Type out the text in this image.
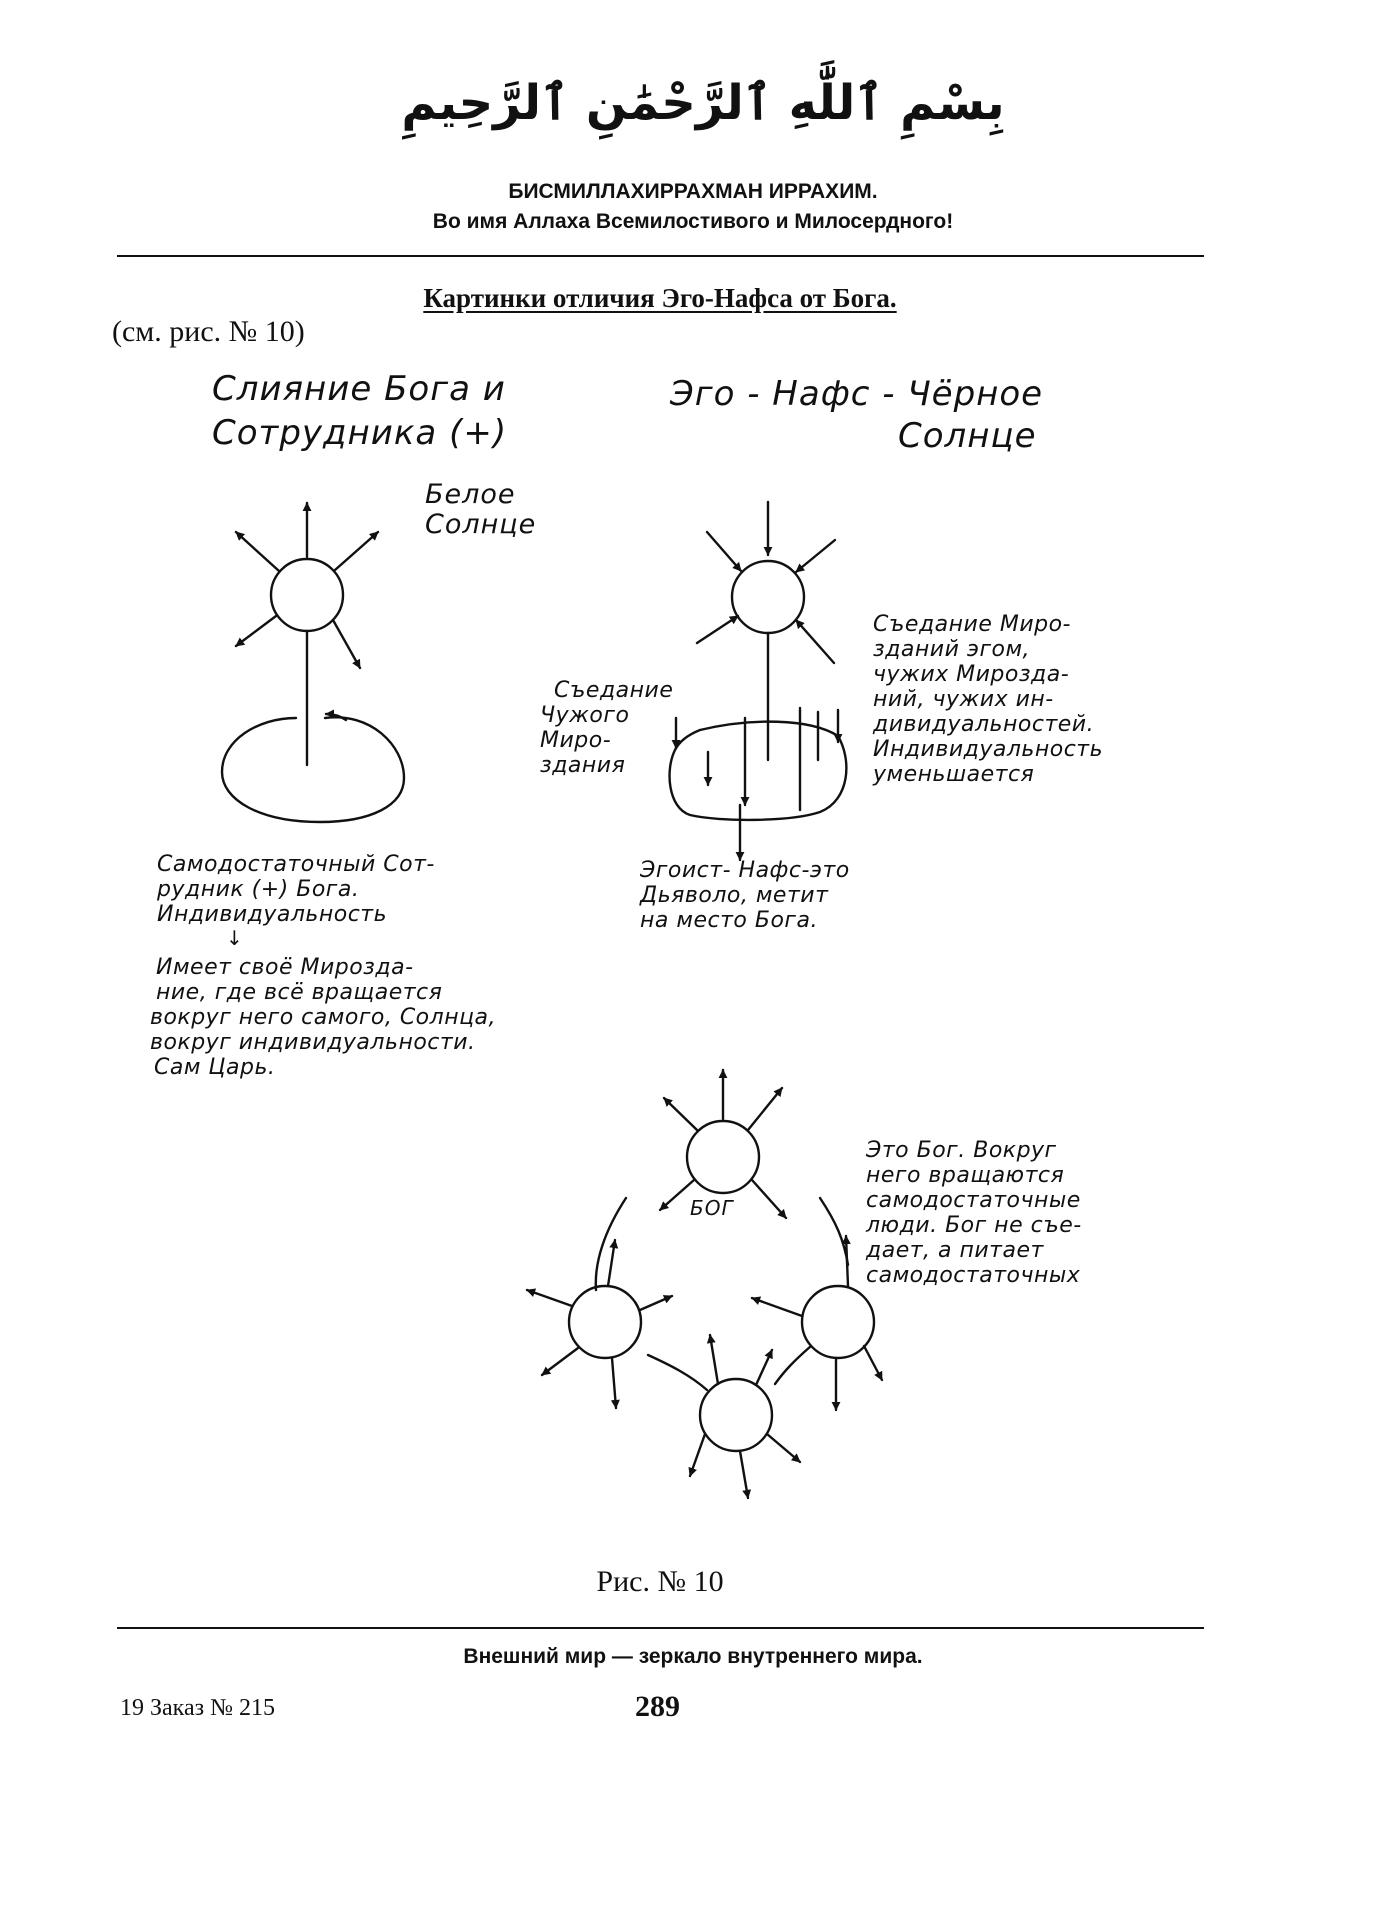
بِسْمِ ٱللَّٰهِ ٱلرَّحْمَٰنِ ٱلرَّحِيمِ
БИСМИЛЛАХИРРАХМАН ИРРАХИМ.
Во имя Аллаха Всемилостивого и Милосердного!
Картинки отличия Эго-Нафса от Бога.
(см. рис. № 10)
Слияние Бога и
Сотрудника (+)
Эго - Нафс - Чёрное
Солнце
Белое
Солнце
Самодостаточный Сот-
рудник (+) Бога.
Индивидуальность
↓
Имеет своё Мирозда-
ние, где всё вращается
вокруг него самого, Солнца,
вокруг индивидуальности.
Сам Царь.
Съедание
Чужого
Миро-
здания
Съедание Миро-
зданий эгом,
чужих Мирозда-
ний, чужих ин-
дивидуальностей.
Индивидуальность
уменьшается
Эгоист- Нафс-это
Дьяволо, метит
на место Бога.
БОГ
Это Бог. Вокруг
него вращаются
самодостаточные
люди. Бог не съе-
дает, а питает
самодостаточных
Рис. № 10
Внешний мир — зеркало внутреннего мира.
19 Заказ № 215	289
